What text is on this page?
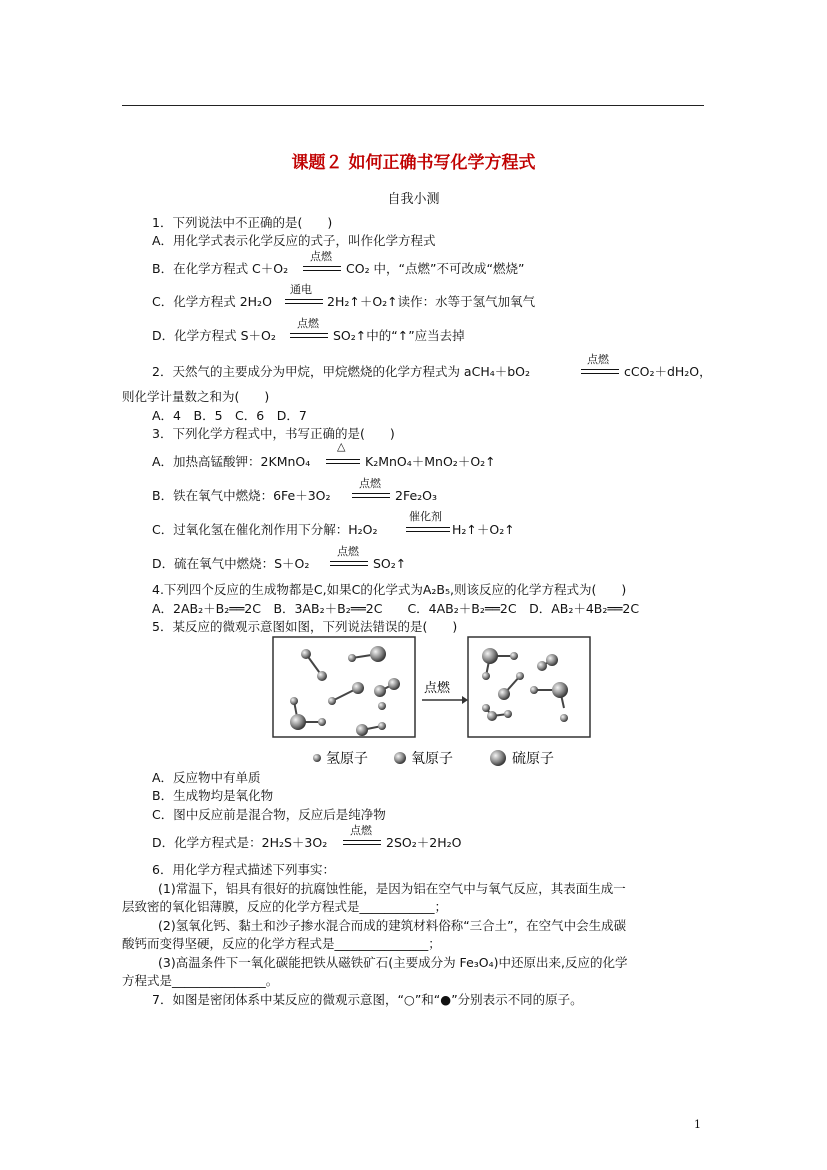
课题２ 如何正确书写化学方程式
自我小测
1．下列说法中不正确的是(　　)
A．用化学式表示化学反应的式子，叫作化学方程式
B．在化学方程式 C＋O₂
点燃
CO₂ 中，“点燃”不可改成“燃烧”
C．化学方程式 2H₂O
通电
2H₂↑＋O₂↑读作：水等于氢气加氧气
D．化学方程式 S＋O₂
点燃
SO₂↑中的“↑”应当去掉
2．天然气的主要成分为甲烷，甲烷燃烧的化学方程式为 aCH₄＋bO₂
点燃
cCO₂＋dH₂O，
则化学计量数之和为(　　)
A．4　B．5　C．6　D．7
3．下列化学方程式中，书写正确的是(　　)
A．加热高锰酸钾：2KMnO₄
△
K₂MnO₄＋MnO₂＋O₂↑
B．铁在氧气中燃烧：6Fe＋3O₂
点燃
2Fe₂O₃
C．过氧化氢在催化剂作用下分解：H₂O₂
催化剂
H₂↑＋O₂↑
D．硫在氧气中燃烧：S＋O₂
点燃
SO₂↑
4.下列四个反应的生成物都是C,如果C的化学式为A₂B₅,则该反应的化学方程式为(　　)
A．2AB₂＋B₂══2C　B．3AB₂＋B₂══2C　　C．4AB₂＋B₂══2C　D．AB₂＋4B₂══2C
5．某反应的微观示意图如图，下列说法错误的是(　　)
点燃
氢原子	氧原子	硫原子
A．反应物中有单质
B．生成物均是氧化物
C．图中反应前是混合物，反应后是纯净物
D．化学方程式是：2H₂S＋3O₂
点燃
2SO₂＋2H₂O
6．用化学方程式描述下列事实：
(1)常温下，铝具有很好的抗腐蚀性能，是因为铝在空气中与氧气反应，其表面生成一
层致密的氧化铝薄膜，反应的化学方程式是____________；
(2)氢氧化钙、黏土和沙子掺水混合而成的建筑材料俗称“三合土”，在空气中会生成碳
酸钙而变得坚硬，反应的化学方程式是_______________；
(3)高温条件下一氧化碳能把铁从磁铁矿石(主要成分为 Fe₃O₄)中还原出来,反应的化学
方程式是_______________。
7．如图是密闭体系中某反应的微观示意图，“○”和“●”分别表示不同的原子。
1
